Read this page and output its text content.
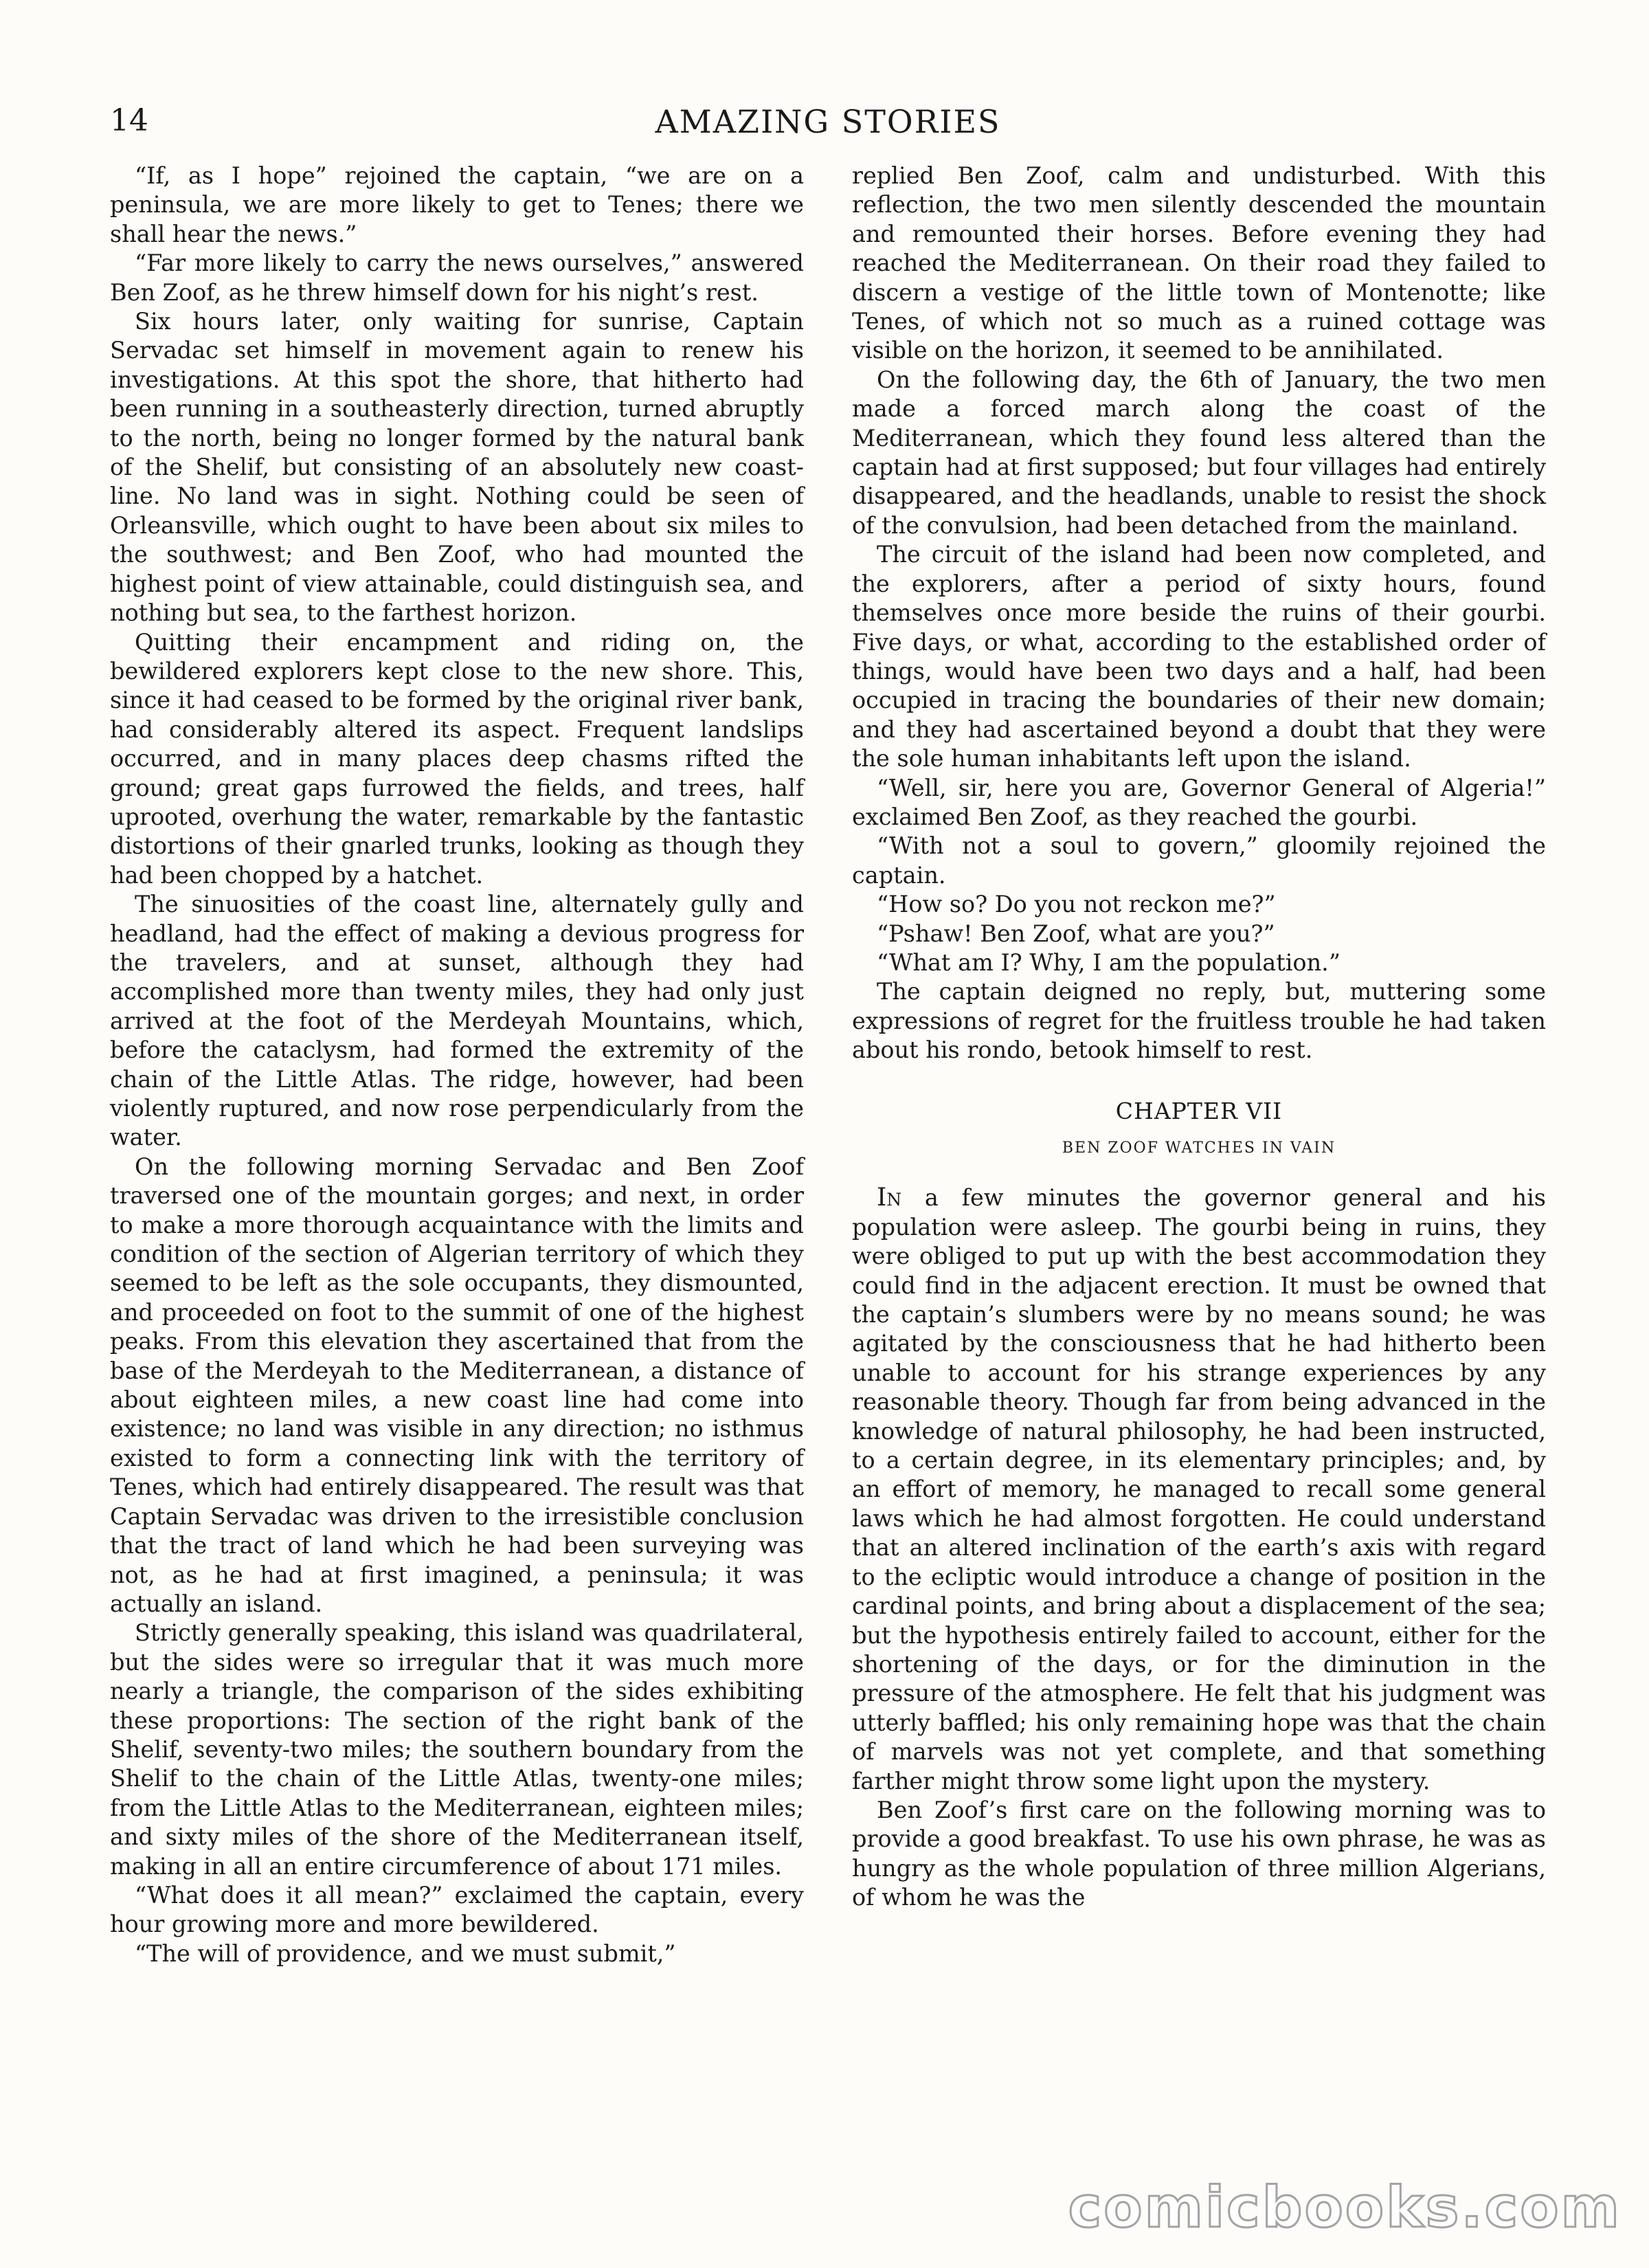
14	AMAZING STORIES

“If, as I hope” rejoined the captain, “we are on a peninsula, we are more likely to get to Tenes; there we shall hear the news.”

“Far more likely to carry the news ourselves,” answered Ben Zoof, as he threw himself down for his night’s rest.

Six hours later, only waiting for sunrise, Captain Servadac set himself in movement again to renew his investigations. At this spot the shore, that hitherto had been running in a southeasterly direction, turned abruptly to the north, being no longer formed by the natural bank of the Shelif, but consisting of an absolutely new coast-line. No land was in sight. Nothing could be seen of Orleansville, which ought to have been about six miles to the southwest; and Ben Zoof, who had mounted the highest point of view attainable, could distinguish sea, and nothing but sea, to the farthest horizon.

Quitting their encampment and riding on, the bewildered explorers kept close to the new shore. This, since it had ceased to be formed by the original river bank, had considerably altered its aspect. Frequent landslips occurred, and in many places deep chasms rifted the ground; great gaps furrowed the fields, and trees, half uprooted, overhung the water, remarkable by the fantastic distortions of their gnarled trunks, looking as though they had been chopped by a hatchet.

The sinuosities of the coast line, alternately gully and headland, had the effect of making a devious progress for the travelers, and at sunset, although they had accomplished more than twenty miles, they had only just arrived at the foot of the Merdeyah Mountains, which, before the cataclysm, had formed the extremity of the chain of the Little Atlas. The ridge, however, had been violently ruptured, and now rose perpendicularly from the water.

On the following morning Servadac and Ben Zoof traversed one of the mountain gorges; and next, in order to make a more thorough acquaintance with the limits and condition of the section of Algerian territory of which they seemed to be left as the sole occupants, they dismounted, and proceeded on foot to the summit of one of the highest peaks. From this elevation they ascertained that from the base of the Merdeyah to the Mediterranean, a distance of about eighteen miles, a new coast line had come into existence; no land was visible in any direction; no isthmus existed to form a connecting link with the territory of Tenes, which had entirely disappeared. The result was that Captain Servadac was driven to the irresistible conclusion that the tract of land which he had been surveying was not, as he had at first imagined, a peninsula; it was actually an island.

Strictly generally speaking, this island was quadrilateral, but the sides were so irregular that it was much more nearly a triangle, the comparison of the sides exhibiting these proportions: The section of the right bank of the Shelif, seventy-two miles; the southern boundary from the Shelif to the chain of the Little Atlas, twenty-one miles; from the Little Atlas to the Mediterranean, eighteen miles; and sixty miles of the shore of the Mediterranean itself, making in all an entire circumference of about 171 miles.

“What does it all mean?” exclaimed the captain, every hour growing more and more bewildered.

“The will of providence, and we must submit,”

replied Ben Zoof, calm and undisturbed. With this reflection, the two men silently descended the mountain and remounted their horses. Before evening they had reached the Mediterranean. On their road they failed to discern a vestige of the little town of Montenotte; like Tenes, of which not so much as a ruined cottage was visible on the horizon, it seemed to be annihilated.

On the following day, the 6th of January, the two men made a forced march along the coast of the Mediterranean, which they found less altered than the captain had at first supposed; but four villages had entirely disappeared, and the headlands, unable to resist the shock of the convulsion, had been detached from the mainland.

The circuit of the island had been now completed, and the explorers, after a period of sixty hours, found themselves once more beside the ruins of their gourbi. Five days, or what, according to the established order of things, would have been two days and a half, had been occupied in tracing the boundaries of their new domain; and they had ascertained beyond a doubt that they were the sole human inhabitants left upon the island.

“Well, sir, here you are, Governor General of Algeria!” exclaimed Ben Zoof, as they reached the gourbi.

“With not a soul to govern,” gloomily rejoined the captain.

“How so? Do you not reckon me?”

“Pshaw! Ben Zoof, what are you?”

“What am I? Why, I am the population.”

The captain deigned no reply, but, muttering some expressions of regret for the fruitless trouble he had taken about his rondo, betook himself to rest.

CHAPTER VII
BEN ZOOF WATCHES IN VAIN

In a few minutes the governor general and his population were asleep. The gourbi being in ruins, they were obliged to put up with the best accommodation they could find in the adjacent erection. It must be owned that the captain’s slumbers were by no means sound; he was agitated by the consciousness that he had hitherto been unable to account for his strange experiences by any reasonable theory. Though far from being advanced in the knowledge of natural philosophy, he had been instructed, to a certain degree, in its elementary principles; and, by an effort of memory, he managed to recall some general laws which he had almost forgotten. He could understand that an altered inclination of the earth’s axis with regard to the ecliptic would introduce a change of position in the cardinal points, and bring about a displacement of the sea; but the hypothesis entirely failed to account, either for the shortening of the days, or for the diminution in the pressure of the atmosphere. He felt that his judgment was utterly baffled; his only remaining hope was that the chain of marvels was not yet complete, and that something farther might throw some light upon the mystery.

Ben Zoof’s first care on the following morning was to provide a good breakfast. To use his own phrase, he was as hungry as the whole population of three million Algerians, of whom he was the

comicbooks.com
